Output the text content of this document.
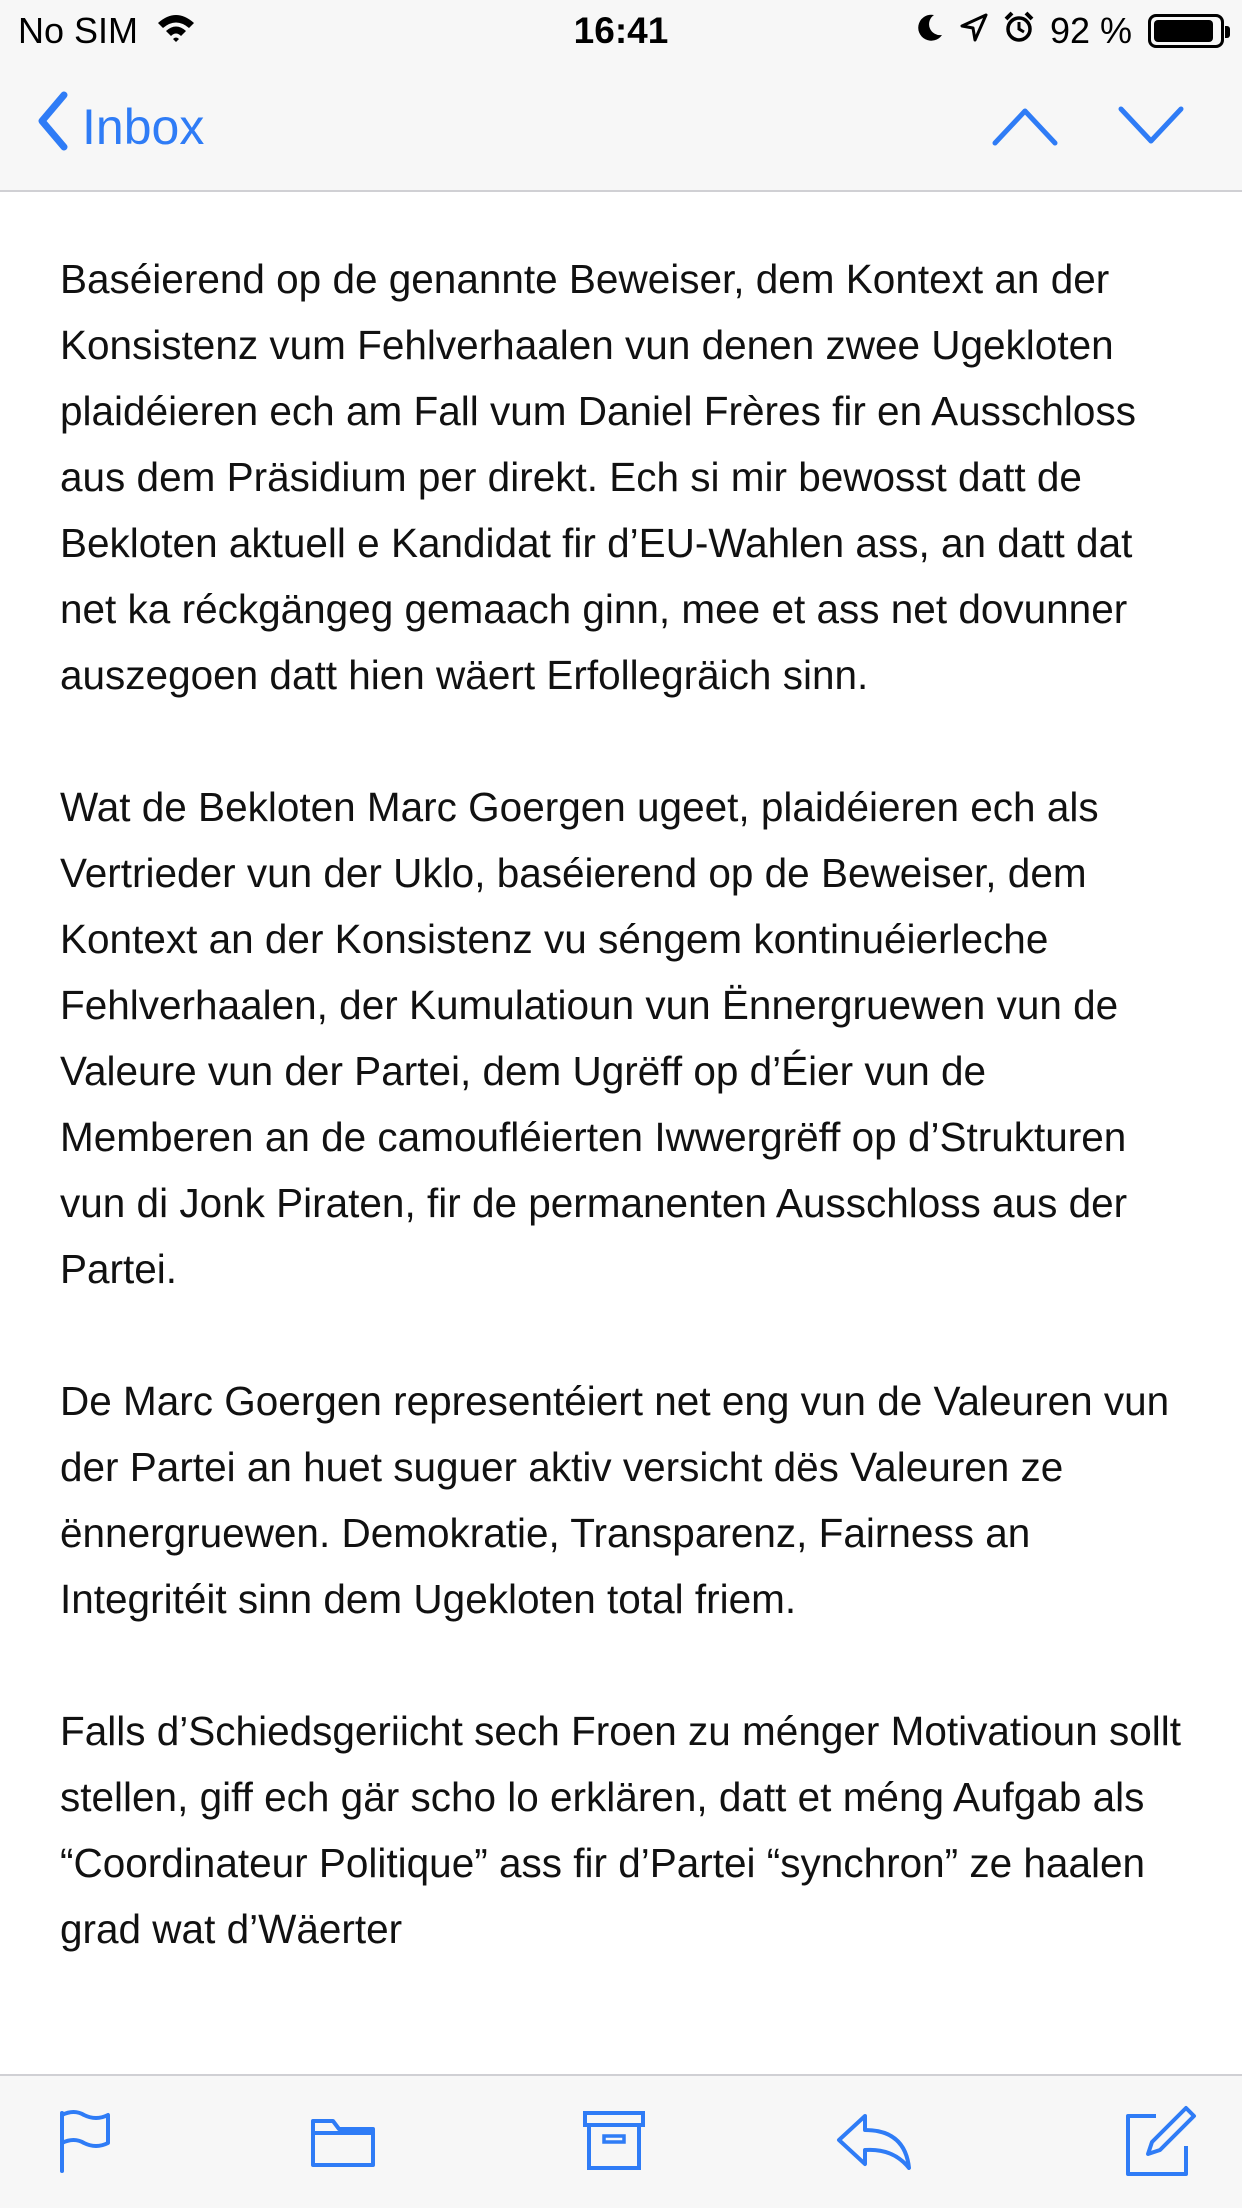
No SIM	16:41	92 %
Inbox

Baséierend op de genannte Beweiser, dem Kontext an der Konsistenz vum Fehlverhaalen vun denen zwee Ugekloten plaidéieren ech am Fall vum Daniel Frères fir en Ausschloss aus dem Präsidium per direkt. Ech si mir bewosst datt de Bekloten aktuell e Kandidat fir d’EU-Wahlen ass, an datt dat net ka réckgängeg gemaach ginn, mee et ass net dovunner auszegoen datt hien wäert Erfollegräich sinn.

Wat de Bekloten Marc Goergen ugeet, plaidéieren ech als Vertrieder vun der Uklo, baséierend op de Beweiser, dem Kontext an der Konsistenz vu séngem kontinuéierleche Fehlverhaalen, der Kumulatioun vun Ënnergruewen vun de Valeure vun der Partei, dem Ugrëff op d’Éier vun de Memberen an de camoufléierten Iwwergrëff op d’Strukturen vun di Jonk Piraten, fir de permanenten Ausschloss aus der Partei.

De Marc Goergen representéiert net eng vun de Valeuren vun der Partei an huet suguer aktiv versicht dës Valeuren ze ënnergruewen. Demokratie, Transparenz, Fairness an Integritéit sinn dem Ugekloten total friem.

Falls d’Schiedsgeriicht sech Froen zu ménger Motivatioun sollt stellen, giff ech gär scho lo erklären, datt et méng Aufgab als “Coordinateur Politique” ass fir d’Partei “synchron” ze haalen grad wat d’Wäerter
